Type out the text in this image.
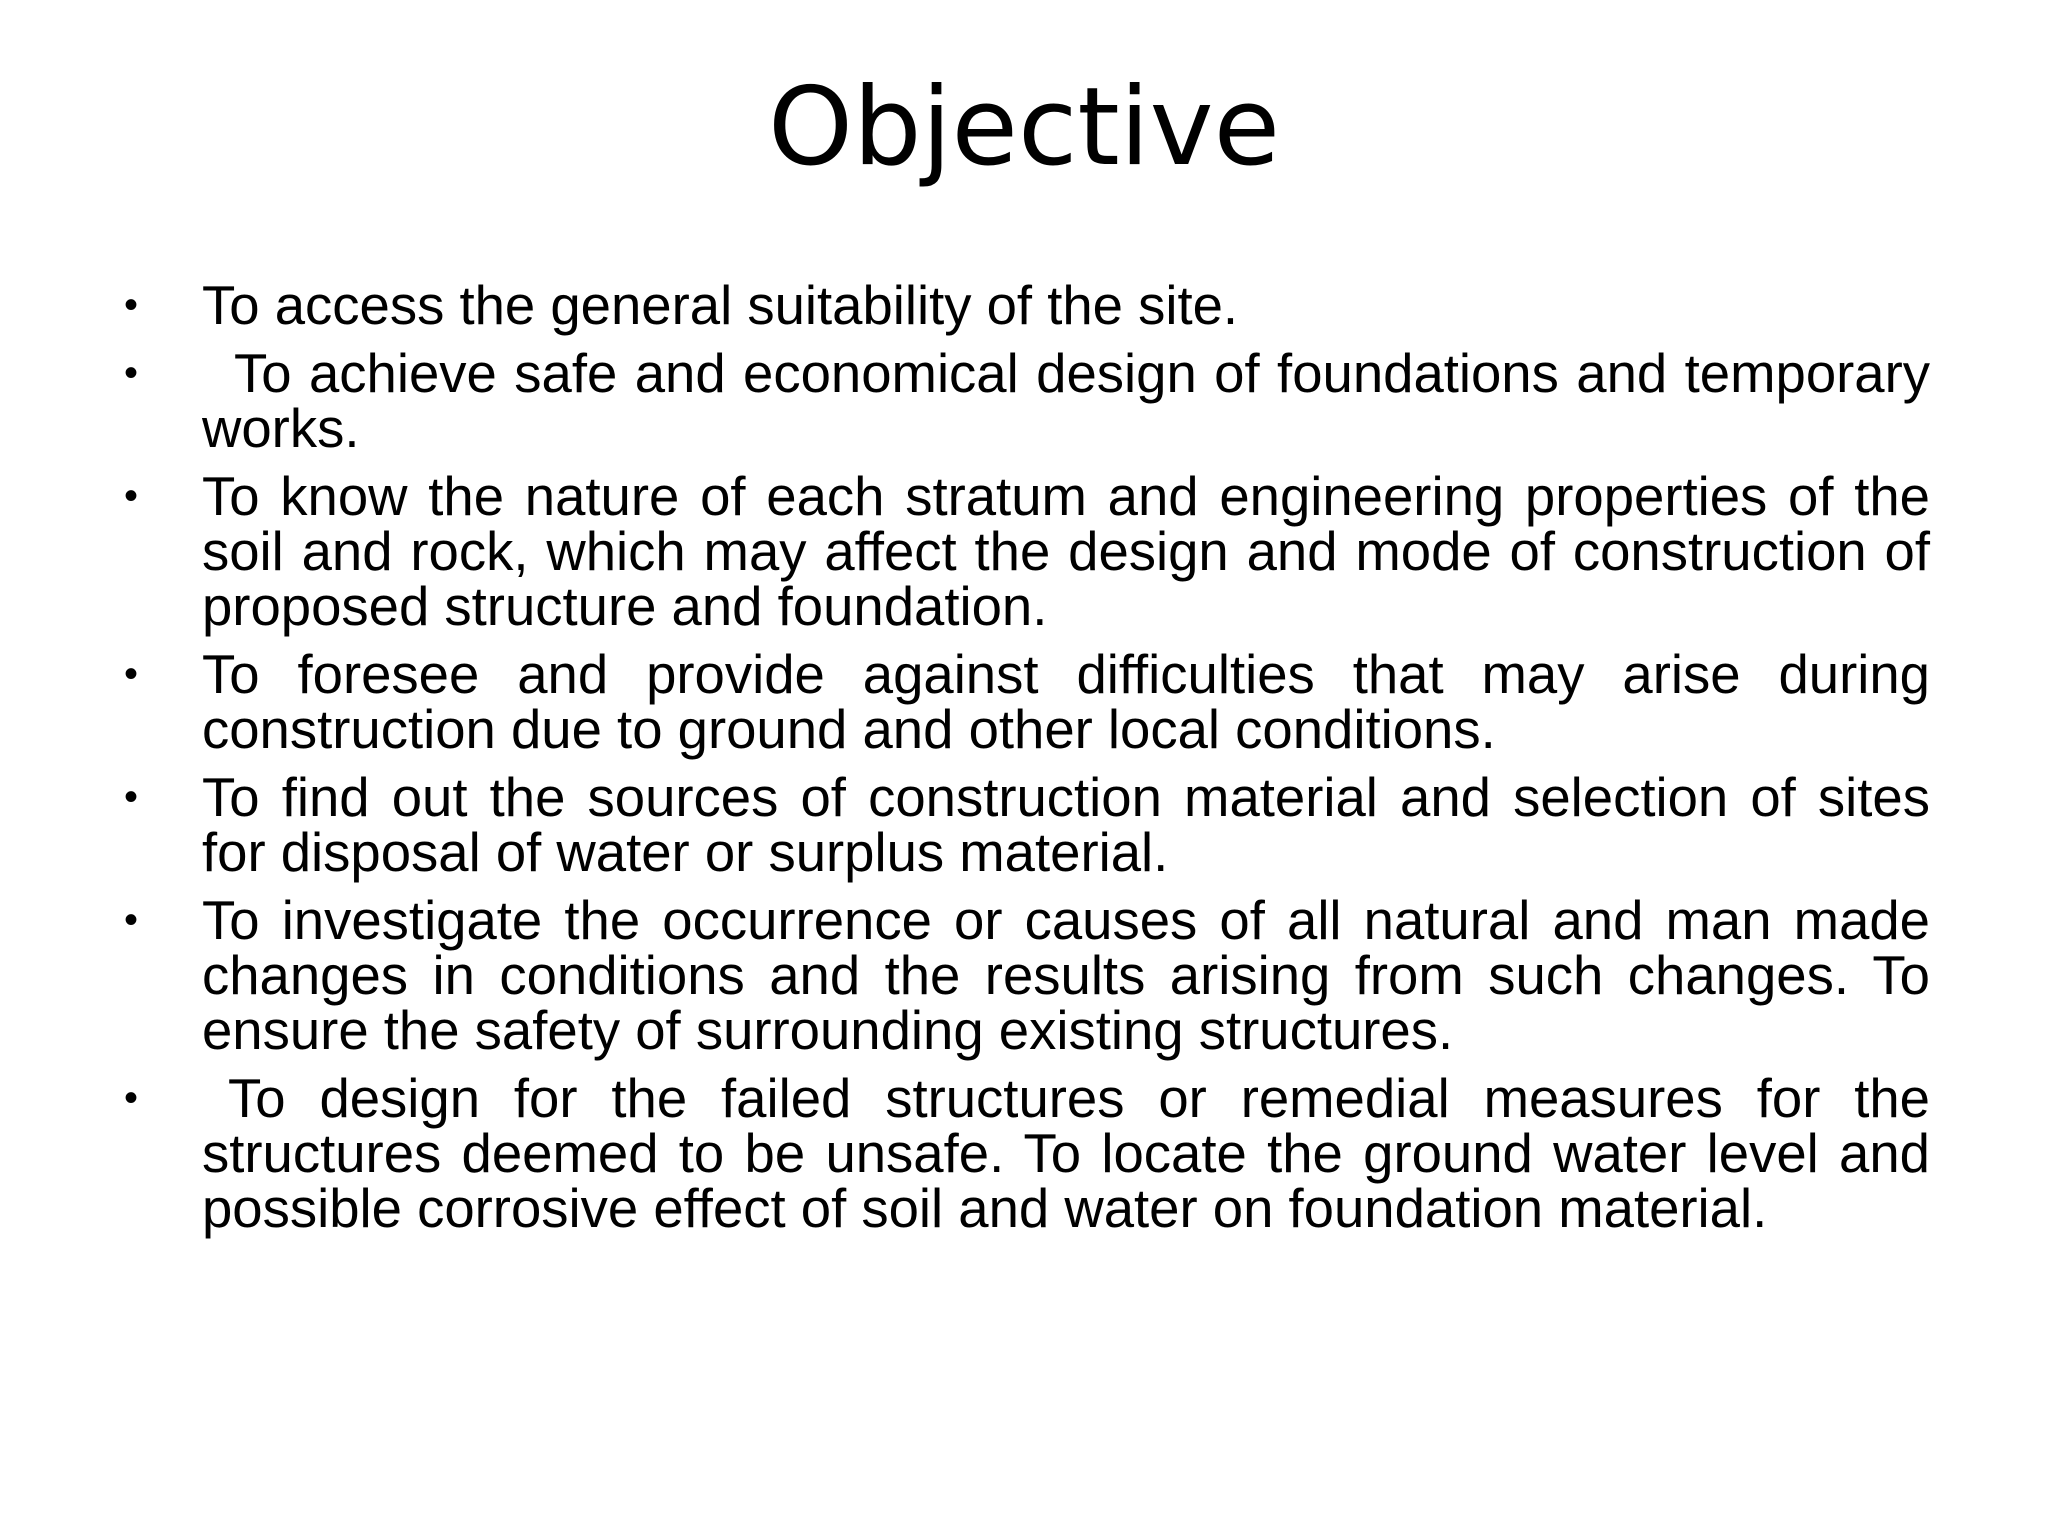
Objective
• To access the general suitability of the site.
•	To achieve safe and economical design of foundations and temporary works.
• To know the nature of each stratum and engineering properties of the soil and rock, which may affect the design and mode of construction of proposed structure and foundation.
• To foresee and provide against difficulties that may arise during construction due to ground and other local conditions.
• To find out the sources of construction material and selection of sites for disposal of water or surplus material.
• To investigate the occurrence or causes of all natural and man made changes in conditions and the results arising from such changes. To ensure the safety of surrounding existing structures.
•	To design for the failed structures or remedial measures for the structures deemed to be unsafe. To locate the ground water level and possible corrosive effect of soil and water on foundation material.
